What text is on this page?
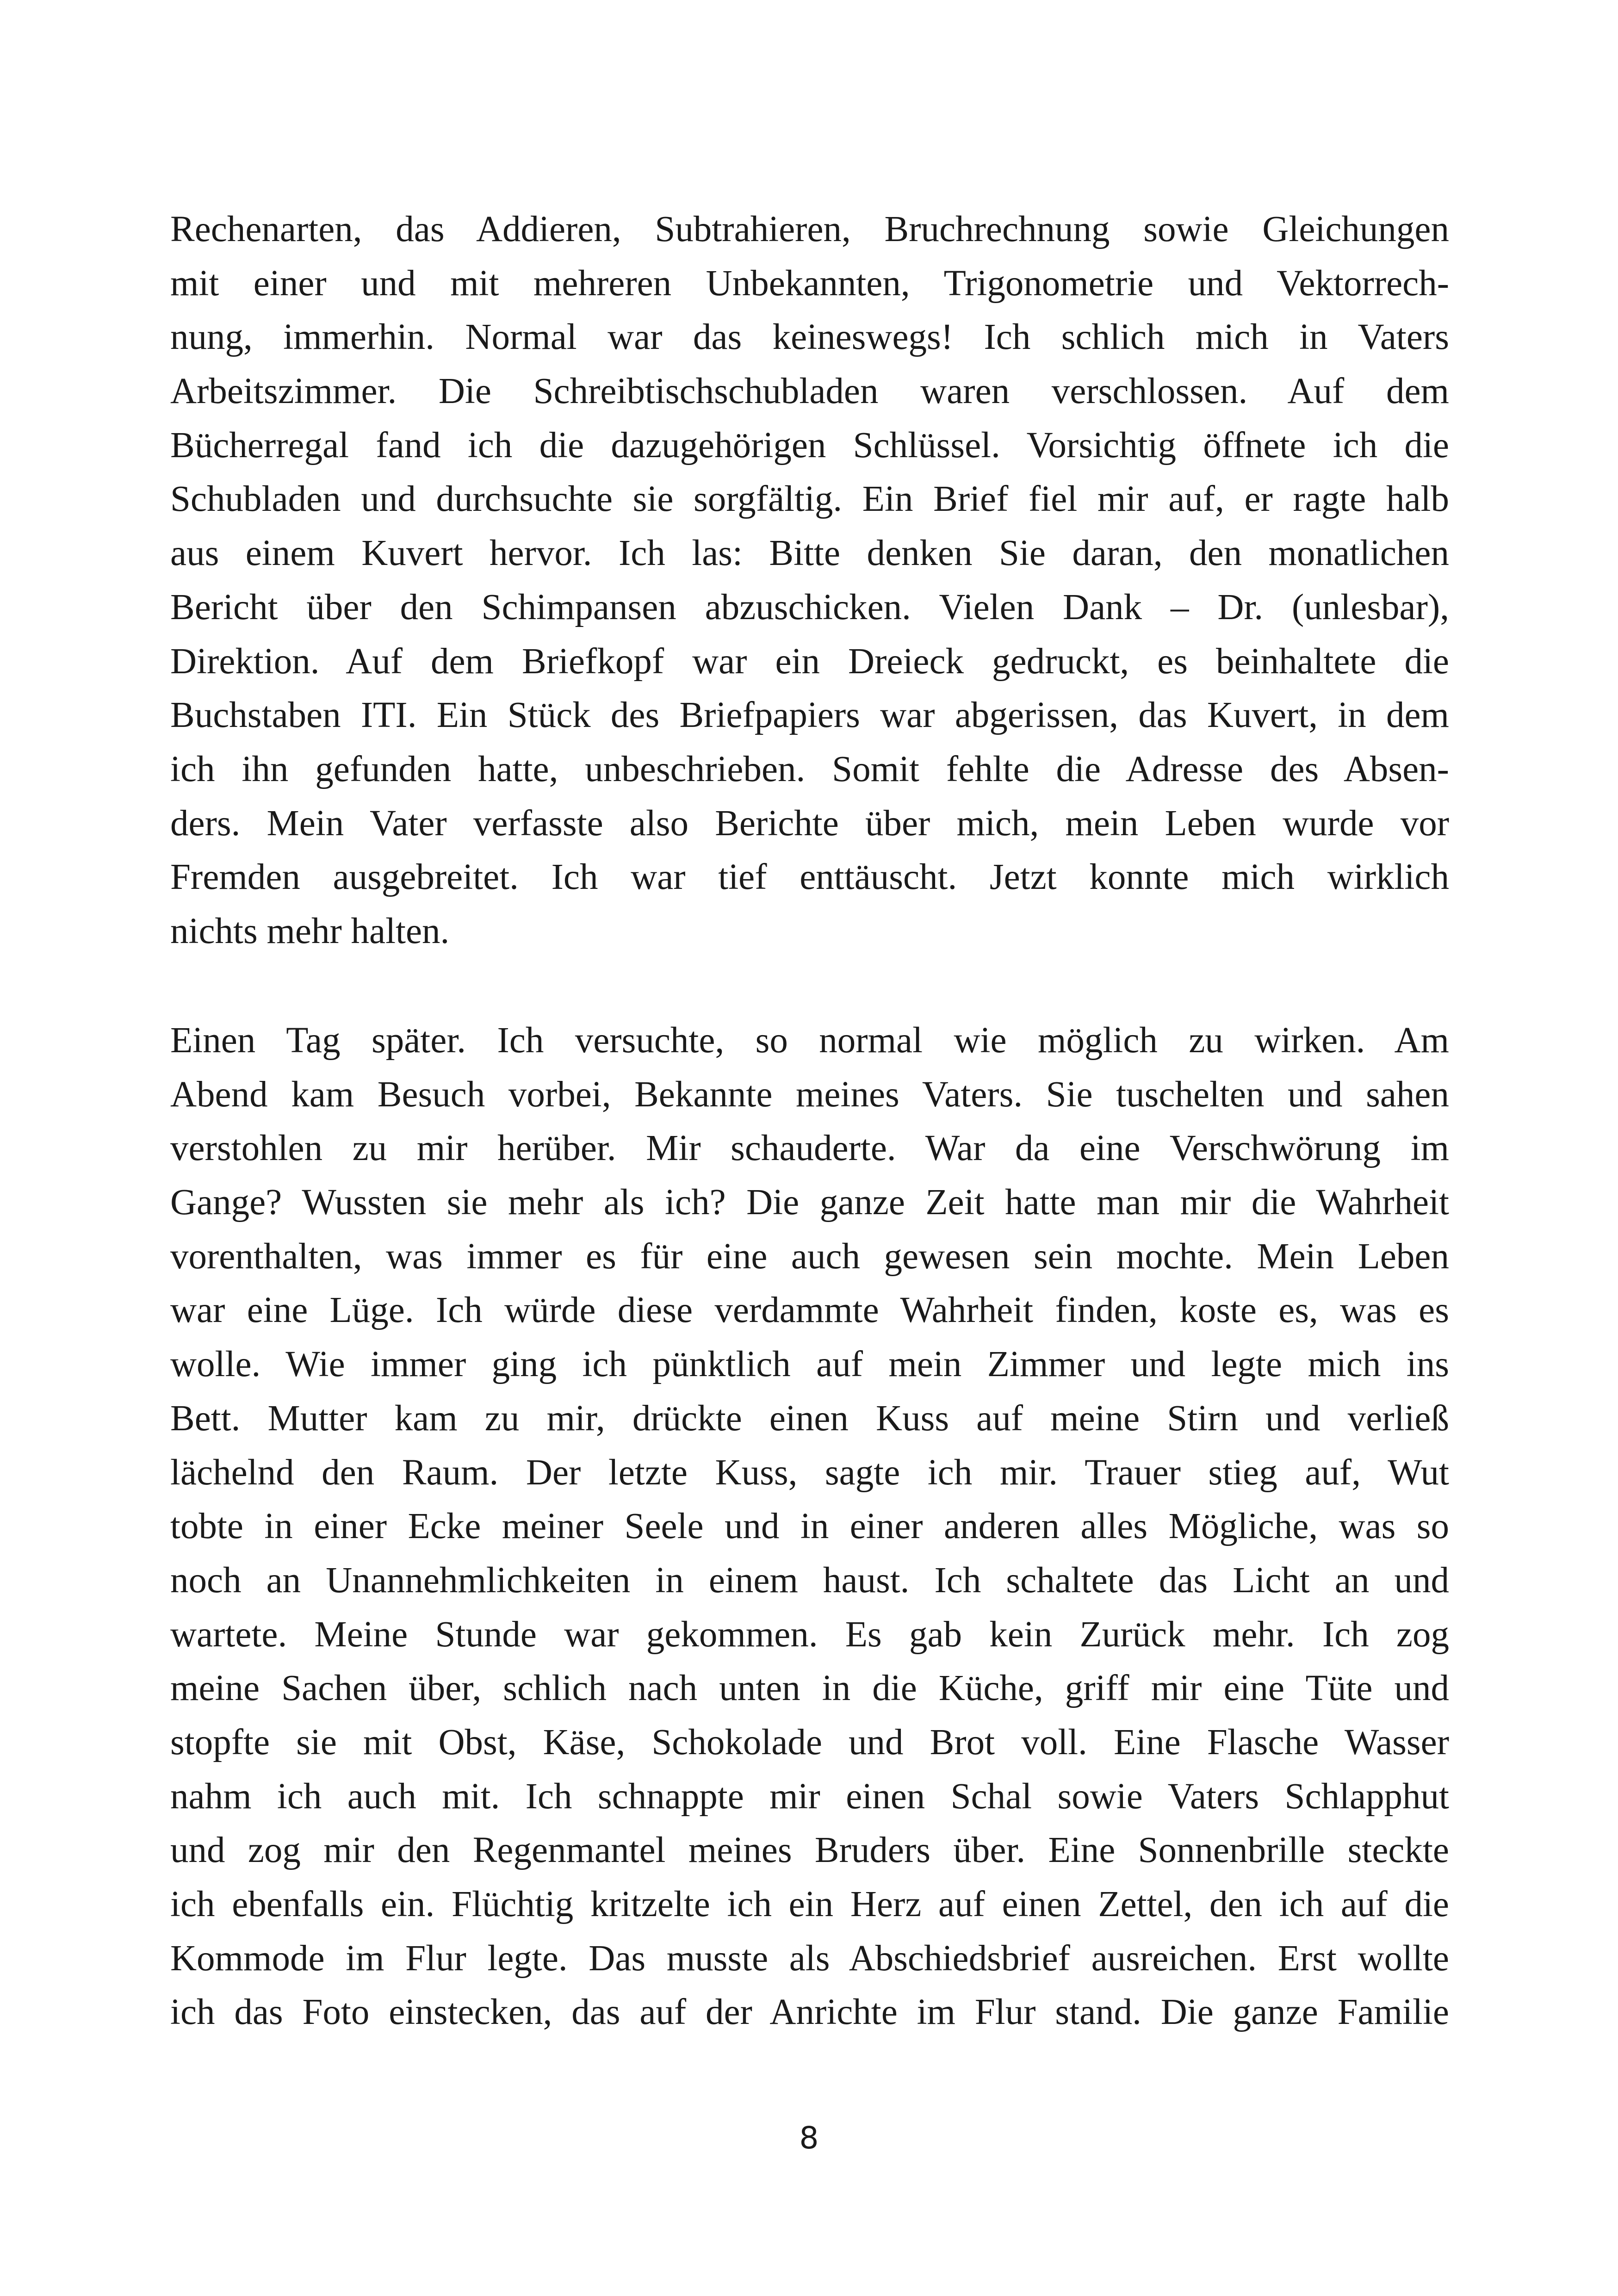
Rechenarten, das Addieren, Subtrahieren, Bruchrechnung sowie Gleichungen
mit einer und mit mehreren Unbekannten, Trigonometrie und Vektorrech-
nung, immerhin. Normal war das keineswegs! Ich schlich mich in Vaters
Arbeitszimmer. Die Schreibtischschubladen waren verschlossen. Auf dem
Bücherregal fand ich die dazugehörigen Schlüssel. Vorsichtig öffnete ich die
Schubladen und durchsuchte sie sorgfältig. Ein Brief fiel mir auf, er ragte halb
aus einem Kuvert hervor. Ich las: Bitte denken Sie daran, den monatlichen
Bericht über den Schimpansen abzuschicken. Vielen Dank – Dr. (unlesbar),
Direktion. Auf dem Briefkopf war ein Dreieck gedruckt, es beinhaltete die
Buchstaben ITI. Ein Stück des Briefpapiers war abgerissen, das Kuvert, in dem
ich ihn gefunden hatte, unbeschrieben. Somit fehlte die Adresse des Absen-
ders. Mein Vater verfasste also Berichte über mich, mein Leben wurde vor
Fremden ausgebreitet. Ich war tief enttäuscht. Jetzt konnte mich wirklich
nichts mehr halten.
Einen Tag später. Ich versuchte, so normal wie möglich zu wirken. Am
Abend kam Besuch vorbei, Bekannte meines Vaters. Sie tuschelten und sahen
verstohlen zu mir herüber. Mir schauderte. War da eine Verschwörung im
Gange? Wussten sie mehr als ich? Die ganze Zeit hatte man mir die Wahrheit
vorenthalten, was immer es für eine auch gewesen sein mochte. Mein Leben
war eine Lüge. Ich würde diese verdammte Wahrheit finden, koste es, was es
wolle. Wie immer ging ich pünktlich auf mein Zimmer und legte mich ins
Bett. Mutter kam zu mir, drückte einen Kuss auf meine Stirn und verließ
lächelnd den Raum. Der letzte Kuss, sagte ich mir. Trauer stieg auf, Wut
tobte in einer Ecke meiner Seele und in einer anderen alles Mögliche, was so
noch an Unannehmlichkeiten in einem haust. Ich schaltete das Licht an und
wartete. Meine Stunde war gekommen. Es gab kein Zurück mehr. Ich zog
meine Sachen über, schlich nach unten in die Küche, griff mir eine Tüte und
stopfte sie mit Obst, Käse, Schokolade und Brot voll. Eine Flasche Wasser
nahm ich auch mit. Ich schnappte mir einen Schal sowie Vaters Schlapphut
und zog mir den Regenmantel meines Bruders über. Eine Sonnenbrille steckte
ich ebenfalls ein. Flüchtig kritzelte ich ein Herz auf einen Zettel, den ich auf die
Kommode im Flur legte. Das musste als Abschiedsbrief ausreichen. Erst wollte
ich das Foto einstecken, das auf der Anrichte im Flur stand. Die ganze Familie
8
